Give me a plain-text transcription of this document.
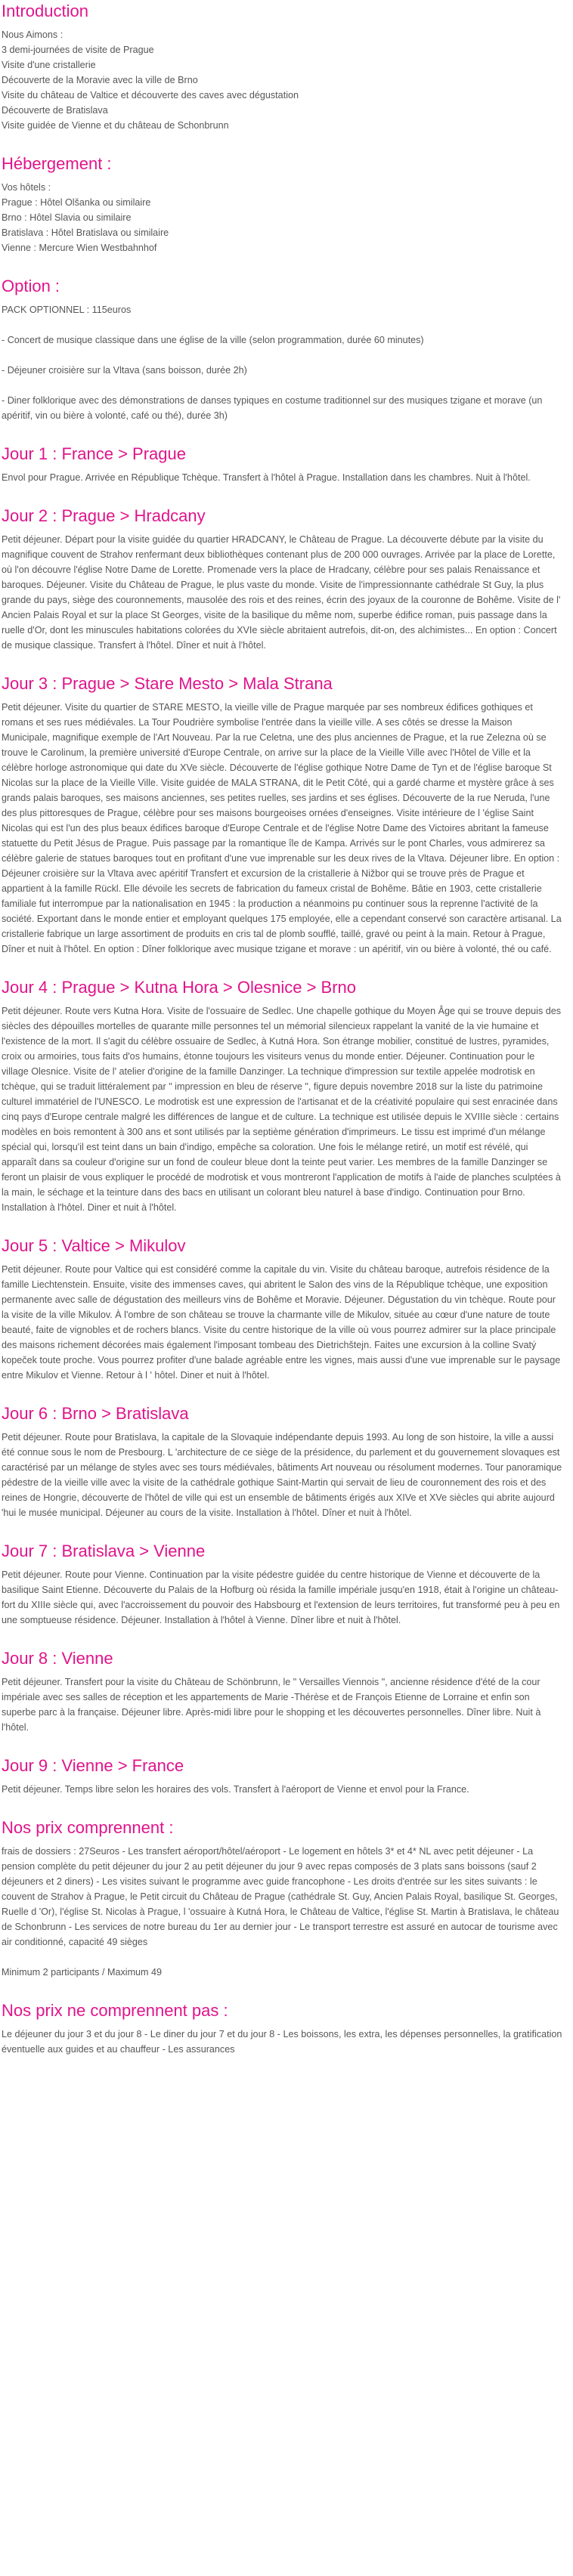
Introduction
Nous Aimons :
3 demi-journées de visite de Prague
Visite d'une cristallerie
Découverte de la Moravie avec la ville de Brno
Visite du château de Valtice et découverte des caves avec dégustation
Découverte de Bratislava
Visite guidée de Vienne et du château de Schonbrunn
Hébergement :
Vos hôtels :
Prague : Hôtel Olšanka ou similaire
Brno : Hôtel Slavia ou similaire
Bratislava : Hôtel Bratislava ou similaire
Vienne : Mercure Wien Westbahnhof
Option :

PACK OPTIONNEL : 115euros

- Concert de musique classique dans une église de la ville (selon programmation, durée 60 minutes)

- Déjeuner croisière sur la Vltava (sans boisson, durée 2h)

- Diner folklorique avec des démonstrations de danses typiques en costume traditionnel sur des musiques tzigane et morave (un apéritif, vin ou bière à volonté, café ou thé), durée 3h)

Jour 1 : France > Prague

Envol pour Prague. Arrivée en République Tchèque. Transfert à l'hôtel à Prague. Installation dans les chambres. Nuit à l'hôtel.

Jour 2 : Prague > Hradcany

Petit déjeuner. Départ pour la visite guidée du quartier HRADCANY, le Château de Prague. La découverte débute par la visite du magnifique couvent de Strahov renfermant deux bibliothèques contenant plus de 200 000 ouvrages. Arrivée par la place de Lorette, où l'on découvre l'église Notre Dame de Lorette. Promenade vers la place de Hradcany, célèbre pour ses palais Renaissance et baroques. Déjeuner. Visite du Château de Prague, le plus vaste du monde. Visite de l'impressionnante cathédrale St Guy, la plus grande du pays, siège des couronnements, mausolée des rois et des reines, écrin des joyaux de la couronne de Bohême. Visite de l' Ancien Palais Royal et sur la place St Georges, visite de la basilique du même nom, superbe édifice roman, puis passage dans la ruelle d'Or, dont les minuscules habitations colorées du XVIe siècle abritaient autrefois, dit-on, des alchimistes... En option : Concert de musique classique. Transfert à l'hôtel. Dîner et nuit à l'hôtel.

Jour 3 : Prague > Stare Mesto > Mala Strana

Petit déjeuner. Visite du quartier de STARE MESTO, la vieille ville de Prague marquée par ses nombreux édifices gothiques et romans et ses rues médiévales. La Tour Poudrière symbolise l'entrée dans la vieille ville. A ses côtés se dresse la Maison Municipale, magnifique exemple de l'Art Nouveau. Par la rue Celetna, une des plus anciennes de Prague, et la rue Zelezna où se trouve le Carolinum, la première université d'Europe Centrale, on arrive sur la place de la Vieille Ville avec l'Hôtel de Ville et la célèbre horloge astronomique qui date du XVe siècle. Découverte de l'église gothique Notre Dame de Tyn et de l'église baroque St Nicolas sur la place de la Vieille Ville. Visite guidée de MALA STRANA, dit le Petit Côté, qui a gardé charme et mystère grâce à ses grands palais baroques, ses maisons anciennes, ses petites ruelles, ses jardins et ses églises. Découverte de la rue Neruda, l'une des plus pittoresques de Prague, célèbre pour ses maisons bourgeoises ornées d'enseignes. Visite intérieure de l 'église Saint Nicolas qui est l'un des plus beaux édifices baroque d'Europe Centrale et de l'église Notre Dame des Victoires abritant la fameuse statuette du Petit Jésus de Prague. Puis passage par la romantique île de Kampa. Arrivés sur le pont Charles, vous admirerez sa célèbre galerie de statues baroques tout en profitant d'une vue imprenable sur les deux rives de la Vltava. Déjeuner libre. En option : Déjeuner croisière sur la Vltava avec apéritif Transfert et excursion de la cristallerie à Nižbor qui se trouve près de Prague et appartient à la famille Rückl. Elle dévoile les secrets de fabrication du fameux cristal de Bohême. Bâtie en 1903, cette cristallerie familiale fut interrompue par la nationalisation en 1945 : la production a néanmoins pu continuer sous la reprenne l'activité de la société. Exportant dans le monde entier et employant quelques 175 employée, elle a cependant conservé son caractère artisanal. La cristallerie fabrique un large assortiment de produits en cris tal de plomb soufflé, taillé, gravé ou peint à la main. Retour à Prague, Dîner et nuit à l'hôtel. En option : Dîner folklorique avec musique tzigane et morave : un apéritif, vin ou bière à volonté, thé ou café.

Jour 4 : Prague > Kutna Hora > Olesnice > Brno

Petit déjeuner. Route vers Kutna Hora. Visite de l'ossuaire de Sedlec. Une chapelle gothique du Moyen Âge qui se trouve depuis des siècles des dépouilles mortelles de quarante mille personnes tel un mémorial silencieux rappelant la vanité de la vie humaine et l'existence de la mort. Il s'agit du célèbre ossuaire de Sedlec, à Kutná Hora. Son étrange mobilier, constitué de lustres, pyramides, croix ou armoiries, tous faits d'os humains, étonne toujours les visiteurs venus du monde entier. Déjeuner. Continuation pour le village Olesnice. Visite de l' atelier d'origine de la famille Danzinger. La technique d'impression sur textile appelée modrotisk en tchèque, qui se traduit littéralement par " impression en bleu de réserve ", figure depuis novembre 2018 sur la liste du patrimoine culturel immatériel de l'UNESCO. Le modrotisk est une expression de l'artisanat et de la créativité populaire qui sest enracinée dans cinq pays d'Europe centrale malgré les différences de langue et de culture. La technique est utilisée depuis le XVIIIe siècle : certains modèles en bois remontent à 300 ans et sont utilisés par la septième génération d'imprimeurs. Le tissu est imprimé d'un mélange spécial qui, lorsqu'il est teint dans un bain d'indigo, empêche sa coloration. Une fois le mélange retiré, un motif est révélé, qui apparaît dans sa couleur d'origine sur un fond de couleur bleue dont la teinte peut varier. Les membres de la famille Danzinger se feront un plaisir de vous expliquer le procédé de modrotisk et vous montreront l'application de motifs à l'aide de planches sculptées à la main, le séchage et la teinture dans des bacs en utilisant un colorant bleu naturel à base d'indigo. Continuation pour Brno. Installation à l'hôtel. Diner et nuit à l'hôtel.

Jour 5 : Valtice > Mikulov

Petit déjeuner. Route pour Valtice qui est considéré comme la capitale du vin. Visite du château baroque, autrefois résidence de la famille Liechtenstein. Ensuite, visite des immenses caves, qui abritent le Salon des vins de la République tchèque, une exposition permanente avec salle de dégustation des meilleurs vins de Bohême et Moravie. Déjeuner. Dégustation du vin tchèque. Route pour la visite de la ville Mikulov. À l'ombre de son château se trouve la charmante ville de Mikulov, située au cœur d'une nature de toute beauté, faite de vignobles et de rochers blancs. Visite du centre historique de la ville où vous pourrez admirer sur la place principale des maisons richement décorées mais également l'imposant tombeau des Dietrichštejn. Faites une excursion à la colline Svatý kopeček toute proche. Vous pourrez profiter d'une balade agréable entre les vignes, mais aussi d'une vue imprenable sur le paysage entre Mikulov et Vienne. Retour à l ' hôtel. Diner et nuit à l'hôtel.

Jour 6 : Brno > Bratislava

Petit déjeuner. Route pour Bratislava, la capitale de la Slovaquie indépendante depuis 1993. Au long de son histoire, la ville a aussi été connue sous le nom de Presbourg. L 'architecture de ce siège de la présidence, du parlement et du gouvernement slovaques est caractérisé par un mélange de styles avec ses tours médiévales, bâtiments Art nouveau ou résolument modernes. Tour panoramique pédestre de la vieille ville avec la visite de la cathédrale gothique Saint-Martin qui servait de lieu de couronnement des rois et des reines de Hongrie, découverte de l'hôtel de ville qui est un ensemble de bâtiments érigés aux XIVe et XVe siècles qui abrite aujourd 'hui le musée municipal. Déjeuner au cours de la visite. Installation à l'hôtel. Dîner et nuit à l'hôtel.

Jour 7 : Bratislava > Vienne

Petit déjeuner. Route pour Vienne. Continuation par la visite pédestre guidée du centre historique de Vienne et découverte de la basilique Saint Etienne. Découverte du Palais de la Hofburg où résida la famille impériale jusqu'en 1918, était à l'origine un château-fort du XIIIe siècle qui, avec l'accroissement du pouvoir des Habsbourg et l'extension de leurs territoires, fut transformé peu à peu en une somptueuse résidence. Déjeuner. Installation à l'hôtel à Vienne. Dîner libre et nuit à l'hôtel.

Jour 8 : Vienne

Petit déjeuner. Transfert pour la visite du Château de Schönbrunn, le " Versailles Viennois ", ancienne résidence d'été de la cour impériale avec ses salles de réception et les appartements de Marie -Thérèse et de François Etienne de Lorraine et enfin son superbe parc à la française. Déjeuner libre. Après-midi libre pour le shopping et les découvertes personnelles. Dîner libre. Nuit à l'hôtel.

Jour 9 : Vienne > France

Petit déjeuner. Temps libre selon les horaires des vols. Transfert à l'aéroport de Vienne et envol pour la France.

Nos prix comprennent :

frais de dossiers : 27Seuros - Les transfert aéroport/hôtel/aéroport - Le logement en hôtels 3* et 4* NL avec petit déjeuner - La pension complète du petit déjeuner du jour 2 au petit déjeuner du jour 9 avec repas composés de 3 plats sans boissons (sauf 2 déjeuners et 2 diners) - Les visites suivant le programme avec guide francophone - Les droits d'entrée sur les sites suivants : le couvent de Strahov à Prague, le Petit circuit du Château de Prague (cathédrale St. Guy, Ancien Palais Royal, basilique St. Georges, Ruelle d 'Or), l'église St. Nicolas à Prague, l 'ossuaire à Kutná Hora, le Château de Valtice, l'église St. Martin à Bratislava, le château de Schonbrunn - Les services de notre bureau du 1er au dernier jour - Le transport terrestre est assuré en autocar de tourisme avec air conditionné, capacité 49 sièges

Minimum 2 participants / Maximum 49

Nos prix ne comprennent pas :

Le déjeuner du jour 3 et du jour 8 - Le diner du jour 7 et du jour 8 - Les boissons, les extra, les dépenses personnelles, la gratification éventuelle aux guides et au chauffeur - Les assurances
